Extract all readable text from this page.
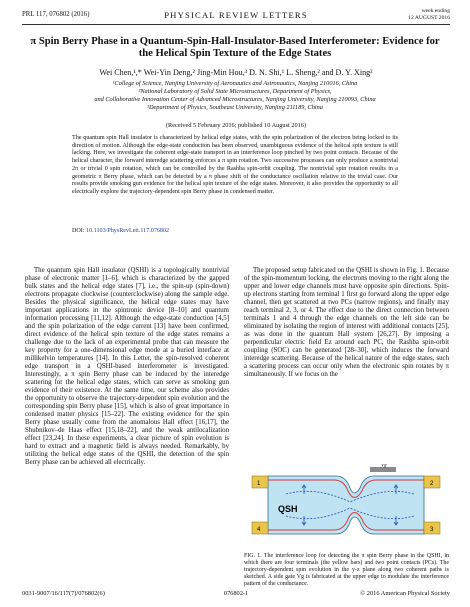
PRL 117, 076802 (2016)	PHYSICAL REVIEW LETTERS	week ending
12 AUGUST 2016
π Spin Berry Phase in a Quantum-Spin-Hall-Insulator-Based Interferometer: Evidence for the Helical Spin Texture of the Edge States
Wei Chen,¹,* Wei-Yin Deng,² Jing-Min Hou,³ D. N. Shi,¹ L. Sheng,² and D. Y. Xing²
¹College of Science, Nanjing University of Aeronautics and Astronautics, Nanjing 210016, China
²National Laboratory of Solid State Microstructures, Department of Physics,
and Collaborative Innovation Center of Advanced Microstructures, Nanjing University, Nanjing 210093, China
³Department of Physics, Southeast University, Nanjing 211189, China
(Received 5 February 2016; published 10 August 2016)
The quantum spin Hall insulator is characterized by helical edge states, with the spin polarization of the electron being locked to its direction of motion. Although the edge-state conduction has been observed, unambiguous evidence of the helical spin texture is still lacking. Here, we investigate the coherent edge-state transport in an interference loop pinched by two point contacts. Because of the helical character, the forward interedge scattering enforces a π spin rotation. Two successive processes can only produce a nontrivial 2π or trivial 0 spin rotation, which can be controlled by the Rashba spin-orbit coupling. The nontrivial spin rotation results in a geometric π Berry phase, which can be detected by a π phase shift of the conductance oscillation relative to the trivial case. Our results provide smoking gun evidence for the helical spin texture of the edge states. Moreover, it also provides the opportunity to all electrically explore the trajectory-dependent spin Berry phase in condensed matter.
DOI: 10.1103/PhysRevLett.117.076802
The quantum spin Hall insulator (QSHI) is a topologically nontrivial phase of electronic matter [1–6], which is characterized by the gapped bulk states and the helical edge states [7], i.e., the spin-up (spin-down) electrons propagate clockwise (counterclockwise) along the sample edge. Besides the physical significance, the helical edge states may have important applications in the spintronic device [8–10] and quantum information processing [11,12]. Although the edge-state conduction [4,5] and the spin polarization of the edge current [13] have been confirmed, direct evidence of the helical spin texture of the edge states remains a challenge due to the lack of an experimental probe that can measure the key property for a one-dimensional edge mode at a buried interface at millikelvin temperatures [14]. In this Letter, the spin-resolved coherent edge transport in a QSHI-based interferometer is investigated. Interestingly, a π spin Berry phase can be induced by the interedge scattering for the helical edge states, which can serve as smoking gun evidence of their existence. At the same time, our scheme also provides the opportunity to observe the trajectory-dependent spin evolution and the corresponding spin Berry phase [15], which is also of great importance in condensed matter physics [15–22]. The existing evidence for the spin Berry phase usually come from the anomalous Hall effect [16,17], the Shubnikov–de Haas effect [15,18–22], and the weak antilocalization effect [23,24]. In these experiments, a clear picture of spin evolution is hard to extract and a magnetic field is always needed. Remarkably, by utilizing the helical edge states of the QSHI, the detection of the spin Berry phase can be achieved all electrically.
The proposed setup fabricated on the QSHI is shown in Fig. 1. Because of the spin-momentum locking, the electrons moving to the right along the upper and lower edge channels must have opposite spin directions. Spin-up electrons starting from terminal 1 first go forward along the upper edge channel, then get scattered at two PCs (narrow regions), and finally may reach terminal 2, 3, or 4. The effect due to the direct connection between terminals 1 and 4 through the edge channels on the left side can be eliminated by isolating the region of interest with additional contacts [25], as was done in the quantum Hall system [26,27]. By imposing a perpendicular electric field Ez around each PC, the Rashba spin-orbit coupling (SOC) can be generated [28–30], which induces the forward interedge scattering. Because of the helical nature of the edge states, such a scattering process can occur only when the electronic spin rotates by π simultaneously. If we focus on the
Vg
QSH
1	2
3
4
FIG. 1. The interference loop for detecting the π spin Berry phase in the QSHI, in which there are four terminals (the yellow bars) and two point contacts (PCs). The trajectory-dependent spin evolution in the y-z plane along two coherent paths is sketched. A side gate Vg is fabricated at the upper edge to modulate the interference pattern of the conductance.
0031-9007/16/117(7)/076802(6)	076802-1	© 2016 American Physical Society
